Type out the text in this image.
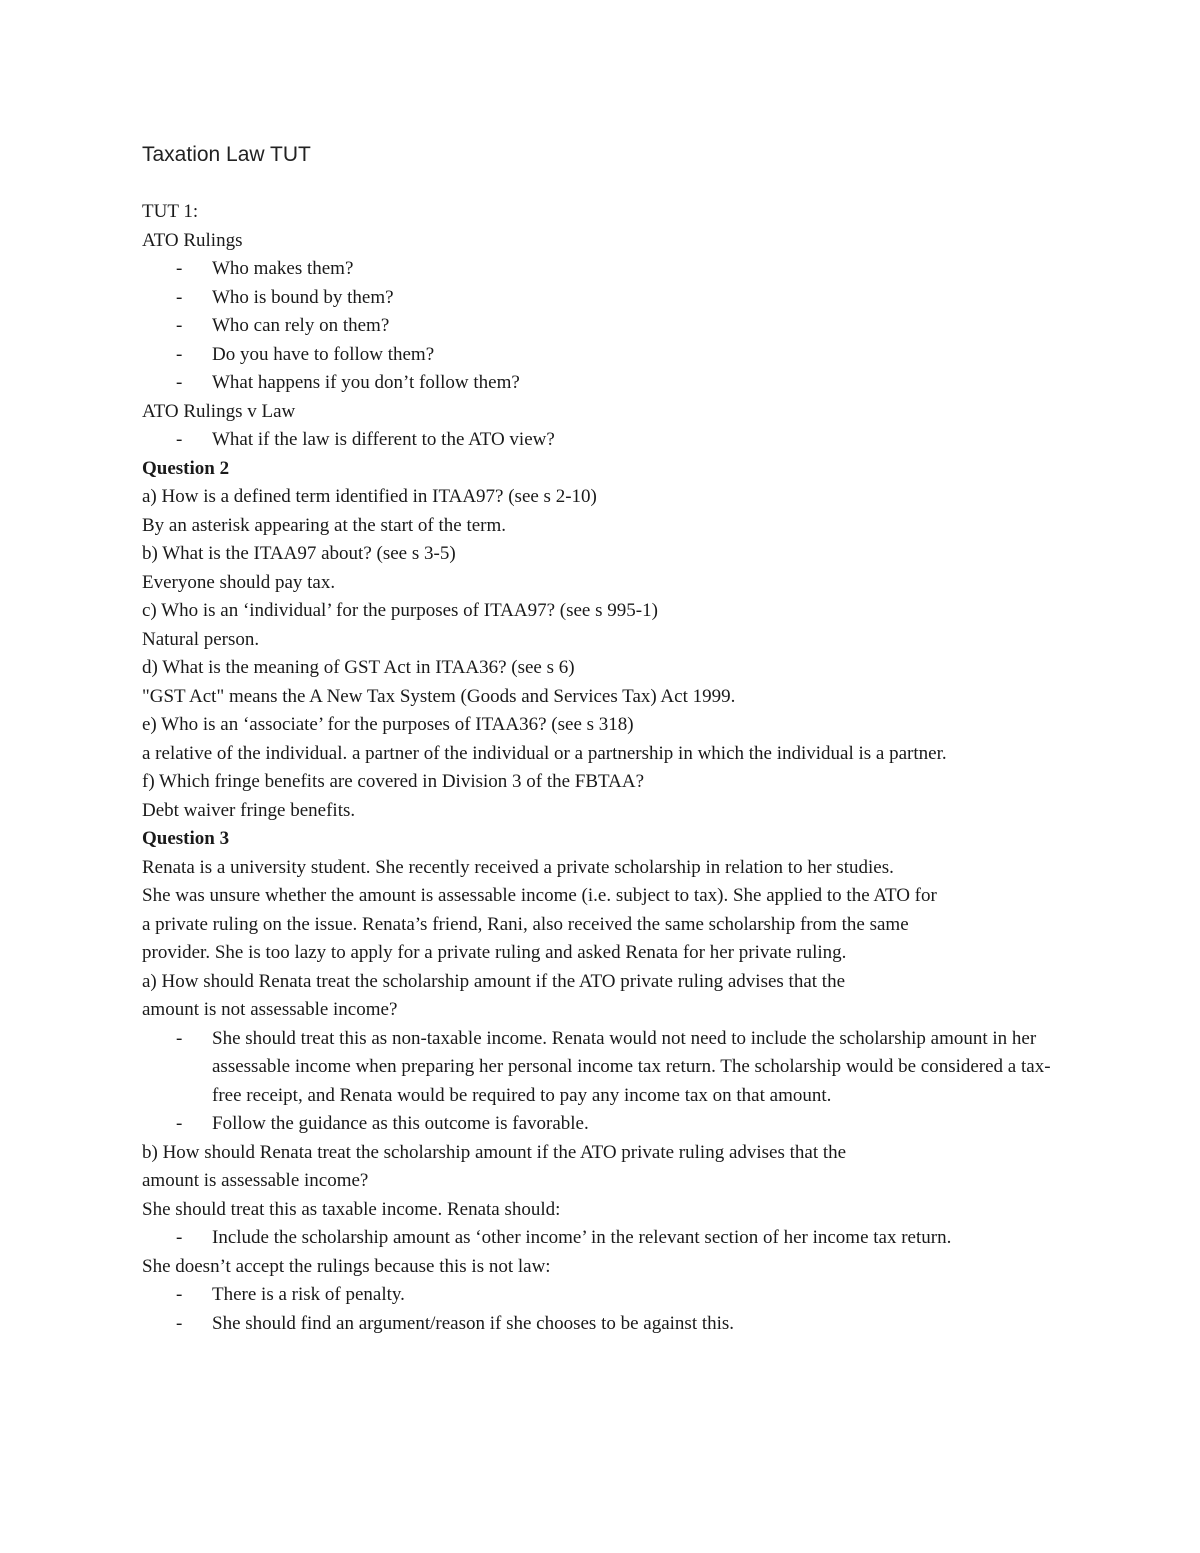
Taxation Law TUT
TUT 1:
ATO Rulings
- Who makes them?
- Who is bound by them?
- Who can rely on them?
- Do you have to follow them?
- What happens if you don’t follow them?
ATO Rulings v Law
- What if the law is different to the ATO view?
Question 2
a) How is a defined term identified in ITAA97? (see s 2-10)
By an asterisk appearing at the start of the term.
b) What is the ITAA97 about? (see s 3-5)
Everyone should pay tax.
c) Who is an ‘individual’ for the purposes of ITAA97? (see s 995-1)
Natural person.
d) What is the meaning of GST Act in ITAA36? (see s 6)
"GST Act" means the A New Tax System (Goods and Services Tax) Act 1999.
e) Who is an ‘associate’ for the purposes of ITAA36? (see s 318)
a relative of the individual. a partner of the individual or a partnership in which the individual is a partner.
f) Which fringe benefits are covered in Division 3 of the FBTAA?
Debt waiver fringe benefits.
Question 3
Renata is a university student. She recently received a private scholarship in relation to her studies.
She was unsure whether the amount is assessable income (i.e. subject to tax). She applied to the ATO for
a private ruling on the issue. Renata’s friend, Rani, also received the same scholarship from the same
provider. She is too lazy to apply for a private ruling and asked Renata for her private ruling.
a) How should Renata treat the scholarship amount if the ATO private ruling advises that the
amount is not assessable income?
- She should treat this as non-taxable income. Renata would not need to include the scholarship amount in her assessable income when preparing her personal income tax return. The scholarship would be considered a tax-free receipt, and Renata would be required to pay any income tax on that amount.
- Follow the guidance as this outcome is favorable.
b) How should Renata treat the scholarship amount if the ATO private ruling advises that the
amount is assessable income?
She should treat this as taxable income. Renata should:
- Include the scholarship amount as ‘other income’ in the relevant section of her income tax return.
She doesn’t accept the rulings because this is not law:
- There is a risk of penalty.
- She should find an argument/reason if she chooses to be against this.
